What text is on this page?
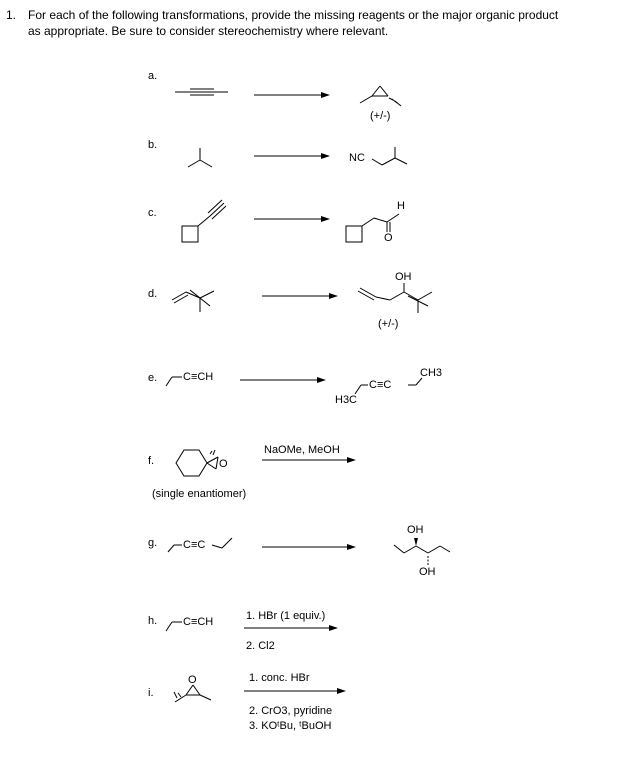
1. For each of the following transformations, provide the missing reagents or the major organic product
as appropriate. Be sure to consider stereochemistry where relevant.
a.
b.
c.
d.
e.
f.
g.
h.
i.
(+/-)
NC
H
O
OH
(+/-)
C≡CH
H3C
C≡C
CH3
O
NaOMe, MeOH
(single enantiomer)
C≡C
OH
OH
C≡CH	1. HBr (1 equiv.)
2. Cl2
O	1. conc. HBr
2. CrO3, pyridine
3. KOᵗBu, ᵗBuOH
